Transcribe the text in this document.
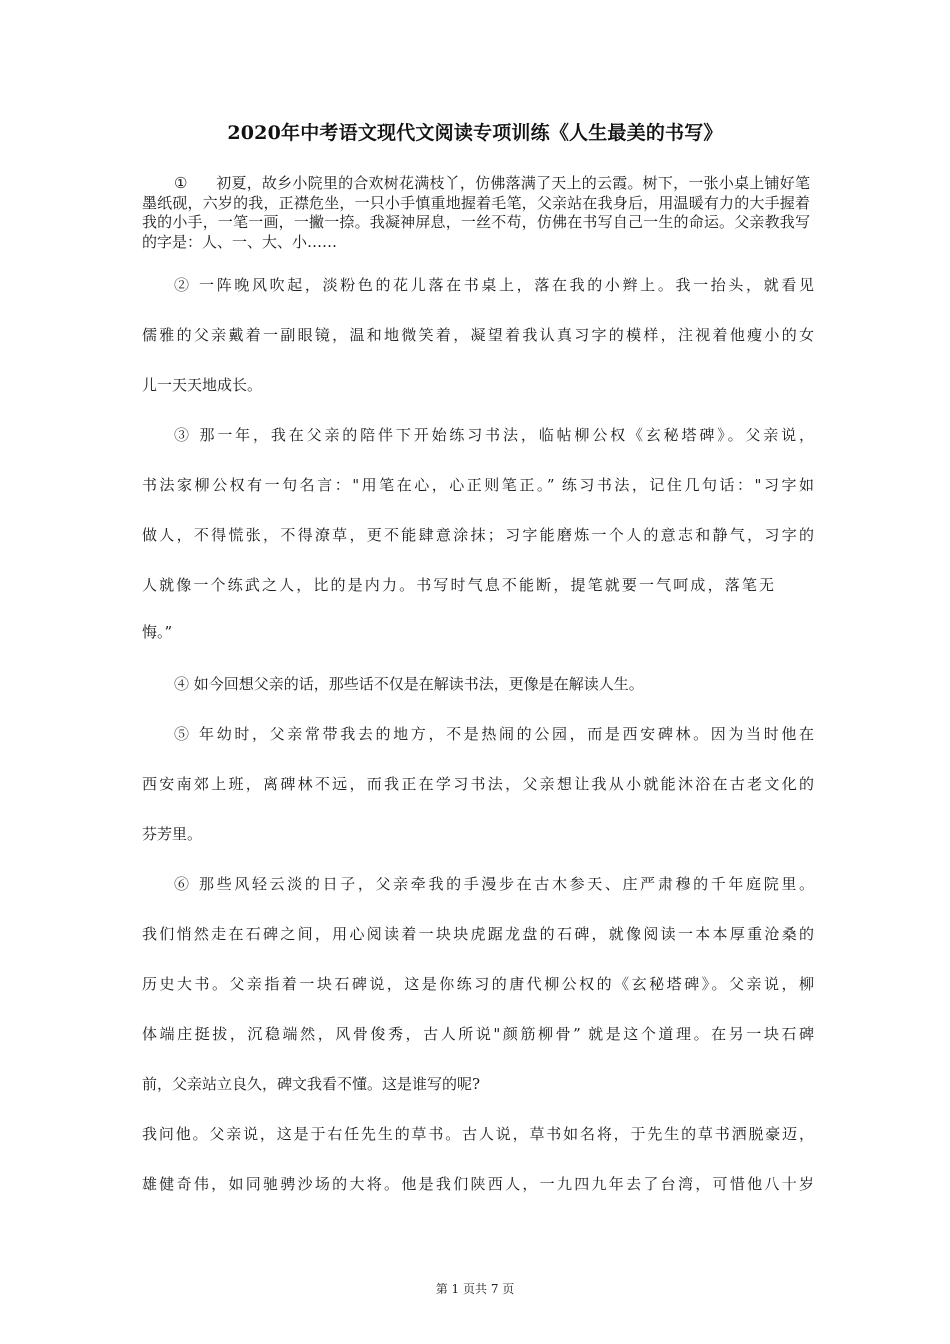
2020年中考语文现代文阅读专项训练《人生最美的书写》

① 初夏，故乡小院里的合欢树花满枝丫，仿佛落满了天上的云霞。树下，一张小桌上铺好笔墨纸砚，六岁的我，正襟危坐，一只小手慎重地握着毛笔，父亲站在我身后，用温暖有力的大手握着我的小手，一笔一画，一撇一捺。我凝神屏息，一丝不苟，仿佛在书写自己一生的命运。父亲教我写的字是：人、一、大、小……

② 一阵晚风吹起，淡粉色的花儿落在书桌上，落在我的小辫上。我一抬头，就看见

儒雅的父亲戴着一副眼镜，温和地微笑着，凝望着我认真习字的模样，注视着他瘦小的女

儿一天天地成长。

③ 那一年，我在父亲的陪伴下开始练习书法，临帖柳公权《玄秘塔碑》。父亲说，

书法家柳公权有一句名言："用笔在心，心正则笔正。” 练习书法，记住几句话："习字如

做人，不得慌张，不得潦草，更不能肆意涂抹；习字能磨炼一个人的意志和静气，习字的

人就像一个练武之人，比的是内力。书写时气息不能断，提笔就要一气呵成，落笔无

悔。”

④ 如今回想父亲的话，那些话不仅是在解读书法，更像是在解读人生。

⑤ 年幼时，父亲常带我去的地方，不是热闹的公园，而是西安碑林。因为当时他在

西安南郊上班，离碑林不远，而我正在学习书法，父亲想让我从小就能沐浴在古老文化的

芬芳里。

⑥ 那些风轻云淡的日子，父亲牵我的手漫步在古木参天、庄严肃穆的千年庭院里。

我们悄然走在石碑之间，用心阅读着一块块虎踞龙盘的石碑，就像阅读一本本厚重沧桑的

历史大书。父亲指着一块石碑说，这是你练习的唐代柳公权的《玄秘塔碑》。父亲说，柳

体端庄挺拔，沉稳端然，风骨俊秀，古人所说"颜筋柳骨” 就是这个道理。在另一块石碑

前，父亲站立良久，碑文我看不懂。这是谁写的呢?

我问他。父亲说，这是于右任先生的草书。古人说，草书如名将，于先生的草书洒脱豪迈，

雄健奇伟，如同驰骋沙场的大将。他是我们陕西人，一九四九年去了台湾，可惜他八十岁

第 1 页共 7 页
